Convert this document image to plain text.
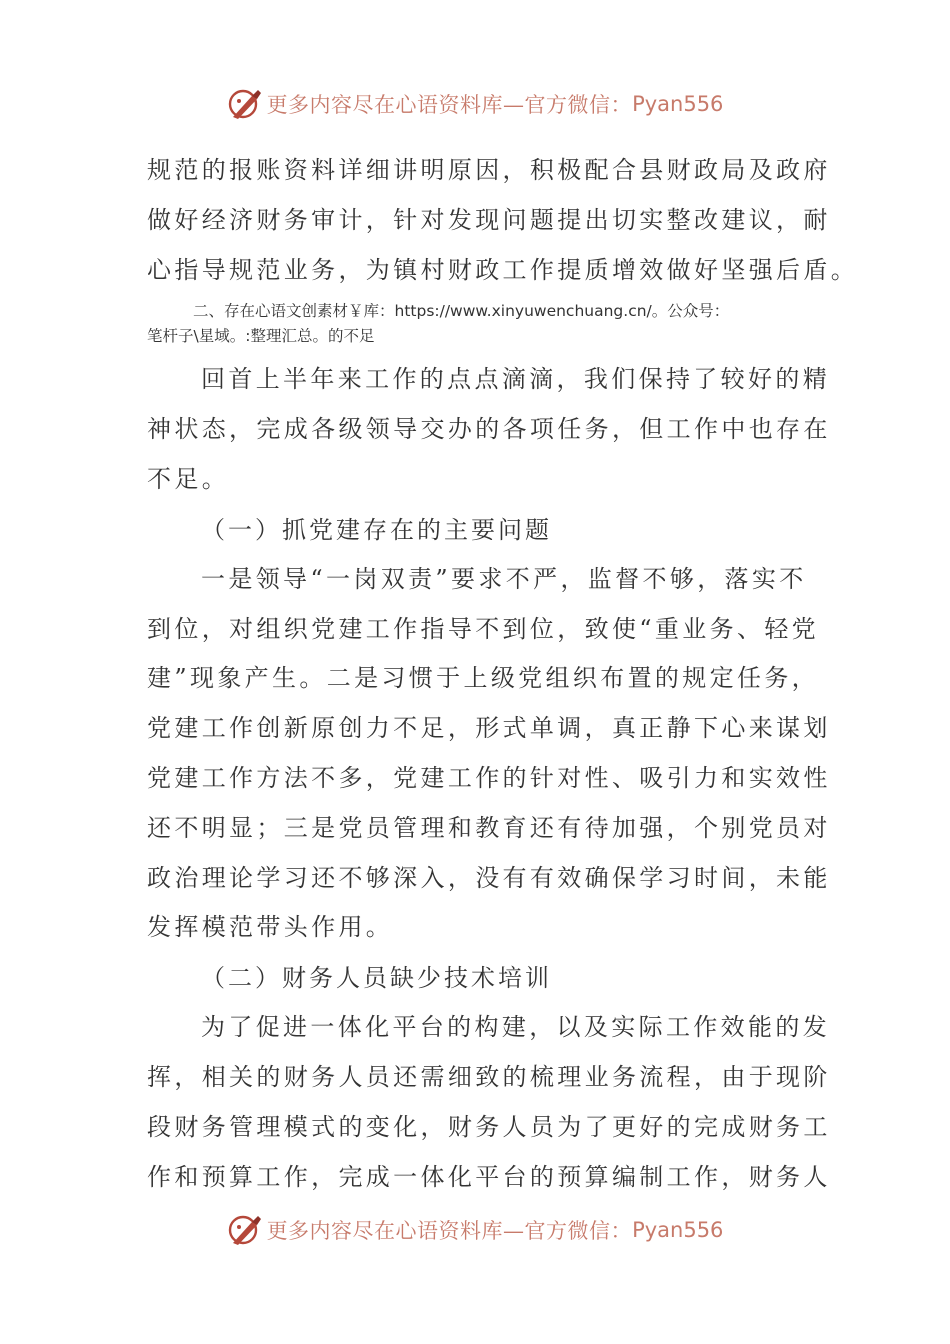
更多内容尽在心语资料库—官方微信： Pyan556

规范的报账资料详细讲明原因，积极配合县财政局及政府
做好经济财务审计，针对发现问题提出切实整改建议，耐
心指导规范业务，为镇村财政工作提质增效做好坚强后盾。

二、存在心语文创素材￥库：https://www.xinyuwenchuang.cn/。公众号：
笔杆子\星域。:整理汇总。的不足

回首上半年来工作的点点滴滴，我们保持了较好的精
神状态，完成各级领导交办的各项任务，但工作中也存在
不足。

（一）抓党建存在的主要问题

一是领导“一岗双责”要求不严，监督不够，落实不
到位，对组织党建工作指导不到位，致使“重业务、轻党
建”现象产生。二是习惯于上级党组织布置的规定任务，
党建工作创新原创力不足，形式单调，真正静下心来谋划
党建工作方法不多，党建工作的针对性、吸引力和实效性
还不明显；三是党员管理和教育还有待加强，个别党员对
政治理论学习还不够深入，没有有效确保学习时间，未能
发挥模范带头作用。

（二）财务人员缺少技术培训

为了促进一体化平台的构建，以及实际工作效能的发
挥，相关的财务人员还需细致的梳理业务流程，由于现阶
段财务管理模式的变化，财务人员为了更好的完成财务工
作和预算工作，完成一体化平台的预算编制工作，财务人

更多内容尽在心语资料库—官方微信： Pyan556
